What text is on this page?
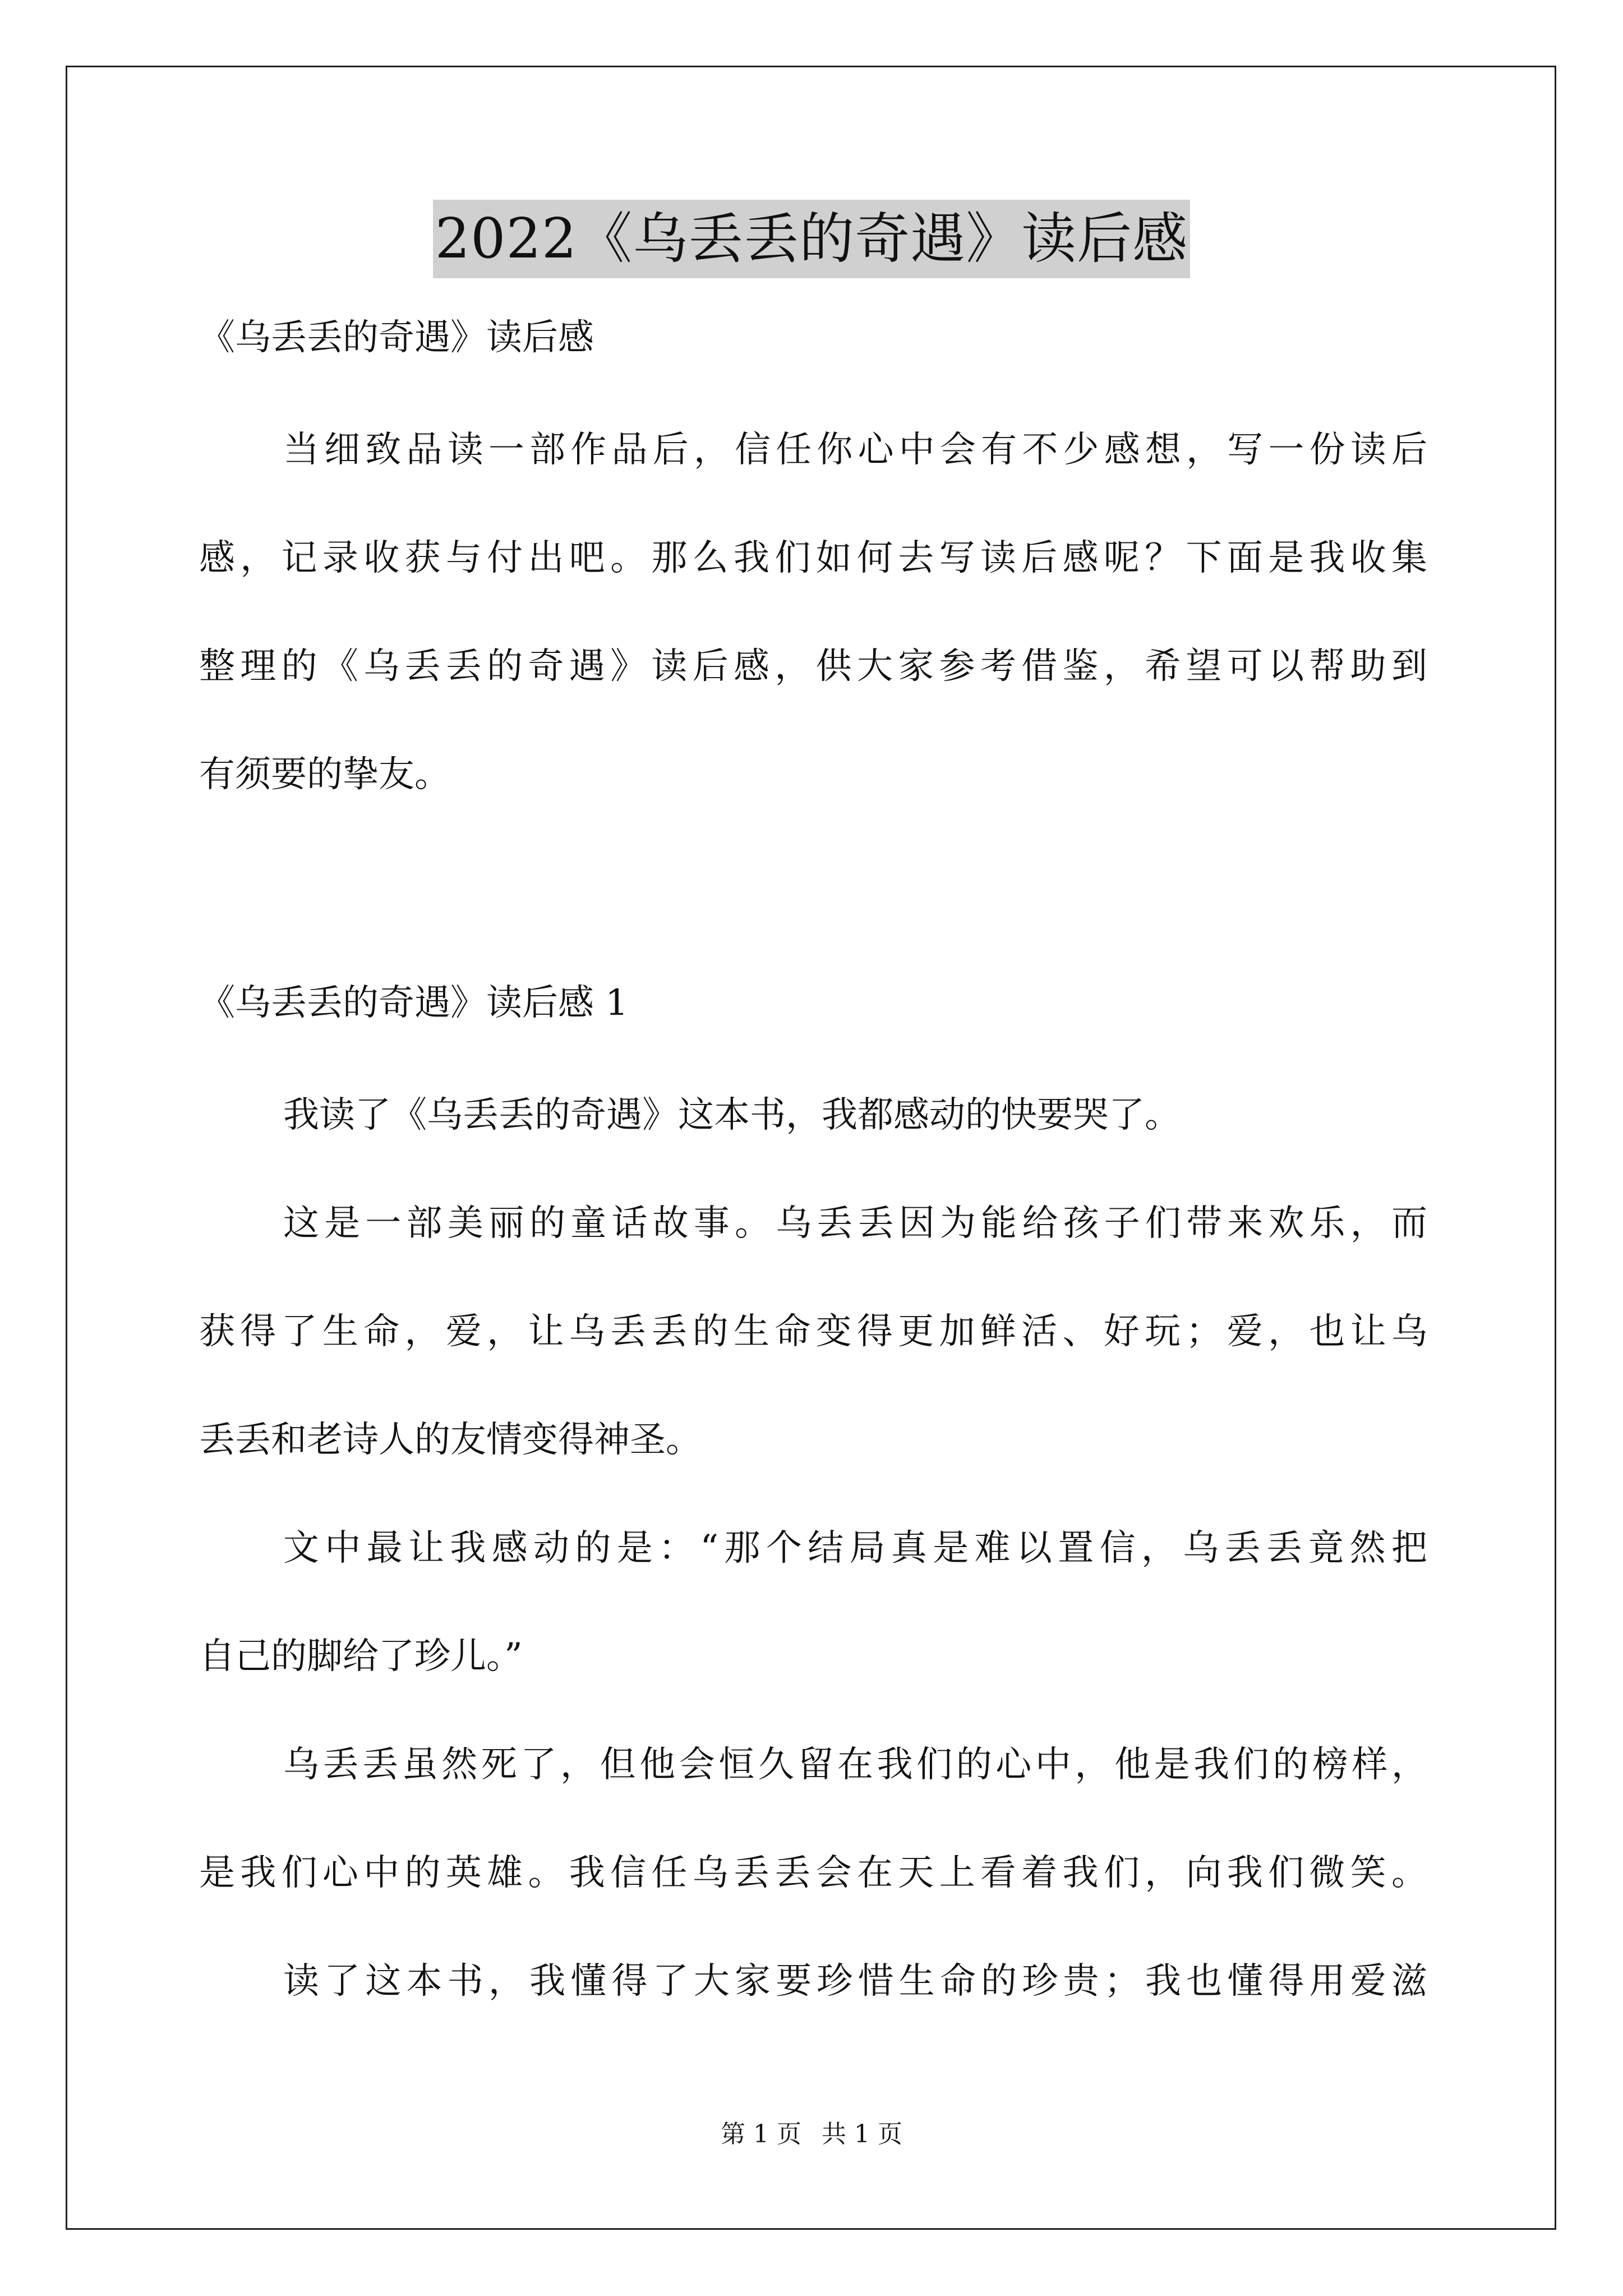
2022《乌丢丢的奇遇》读后感
《乌丢丢的奇遇》读后感
当细致品读一部作品后，信任你心中会有不少感想，写一份读后
感，记录收获与付出吧。那么我们如何去写读后感呢？下面是我收集
整理的《乌丢丢的奇遇》读后感，供大家参考借鉴，希望可以帮助到
有须要的挚友。
《乌丢丢的奇遇》读后感 1
我读了《乌丢丢的奇遇》这本书，我都感动的快要哭了。
这是一部美丽的童话故事。乌丢丢因为能给孩子们带来欢乐，而
获得了生命，爱，让乌丢丢的生命变得更加鲜活、好玩；爱，也让乌
丢丢和老诗人的友情变得神圣。
文中最让我感动的是：“那个结局真是难以置信，乌丢丢竟然把
自己的脚给了珍儿。”
乌丢丢虽然死了，但他会恒久留在我们的心中，他是我们的榜样，
是我们心中的英雄。我信任乌丢丢会在天上看着我们，向我们微笑。
读了这本书，我懂得了大家要珍惜生命的珍贵；我也懂得用爱滋
第 1 页 共 1 页
